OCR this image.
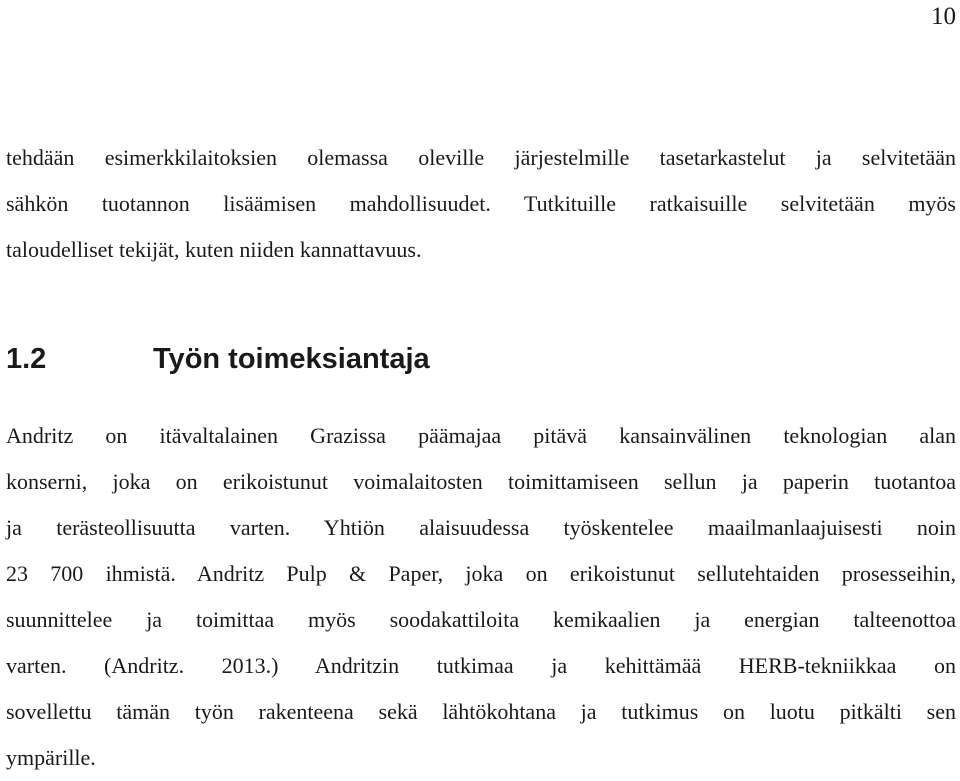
10

tehdään esimerkkilaitoksien olemassa oleville järjestelmille tasetarkastelut ja selvitetään
sähkön tuotannon lisäämisen mahdollisuudet. Tutkituille ratkaisuille selvitetään myös
taloudelliset tekijät, kuten niiden kannattavuus.

1.2	Työn toimeksiantaja

Andritz on itävaltalainen Grazissa päämajaa pitävä kansainvälinen teknologian alan
konserni, joka on erikoistunut voimalaitosten toimittamiseen sellun ja paperin tuotantoa
ja terästeollisuutta varten. Yhtiön alaisuudessa työskentelee maailmanlaajuisesti noin
23 700 ihmistä. Andritz Pulp & Paper, joka on erikoistunut sellutehtaiden prosesseihin,
suunnittelee ja toimittaa myös soodakattiloita kemikaalien ja energian talteenottoa
varten. (Andritz. 2013.) Andritzin tutkimaa ja kehittämää HERB-tekniikkaa on
sovellettu tämän työn rakenteena sekä lähtökohtana ja tutkimus on luotu pitkälti sen
ympärille.
